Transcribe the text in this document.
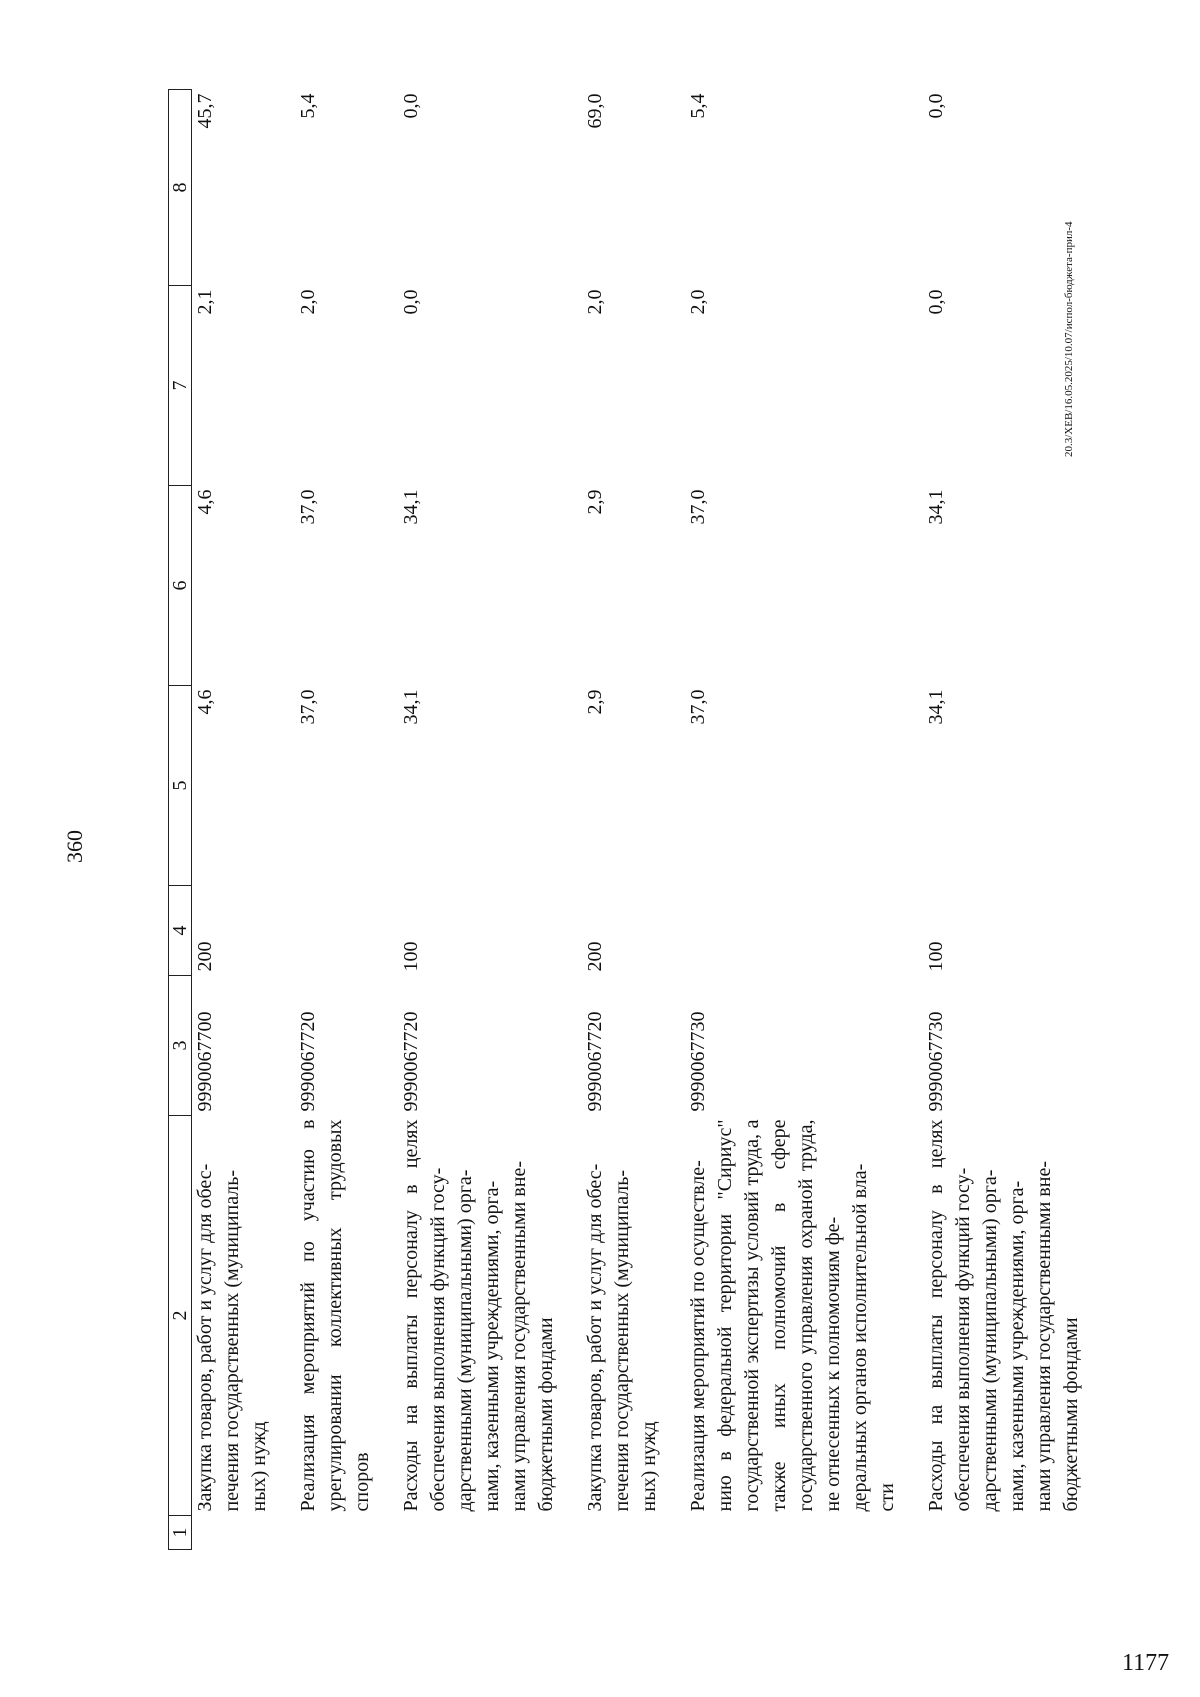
360
1	2	3	4	5	6	7	8
	Закупка товаров, работ и услуг для обес- печения государственных (муниципаль- ных) нужд	9990067700	200	4,6	4,6	2,1	45,7
	Реализация мероприятий по участию в урегулировании коллективных трудовых споров	9990067720		37,0	37,0	2,0	5,4
	Расходы на выплаты персоналу в целях обеспечения выполнения функций госу- дарственными (муниципальными) орга- нами, казенными учреждениями, орга- нами управления государственными вне- бюджетными фондами	9990067720	100	34,1	34,1	0,0	0,0
	Закупка товаров, работ и услуг для обес- печения государственных (муниципаль- ных) нужд	9990067720	200	2,9	2,9	2,0	69,0
	Реализация мероприятий по осуществле- нию в федеральной территории "Сириус" государственной экспертизы условий труда, а также иных полномочий в сфере государственного управления охраной труда, не отнесенных к полномочиям фе- деральных органов исполнительной вла- сти	9990067730		37,0	37,0	2,0	5,4
	Расходы на выплаты персоналу в целях обеспечения выполнения функций госу- дарственными (муниципальными) орга- нами, казенными учреждениями, орга- нами управления государственными вне- бюджетными фондами	9990067730	100	34,1	34,1	0,0	0,0
20.3/ХЕВ/16.05.2025/10.07/испол-бюджета-прил-4
1177
